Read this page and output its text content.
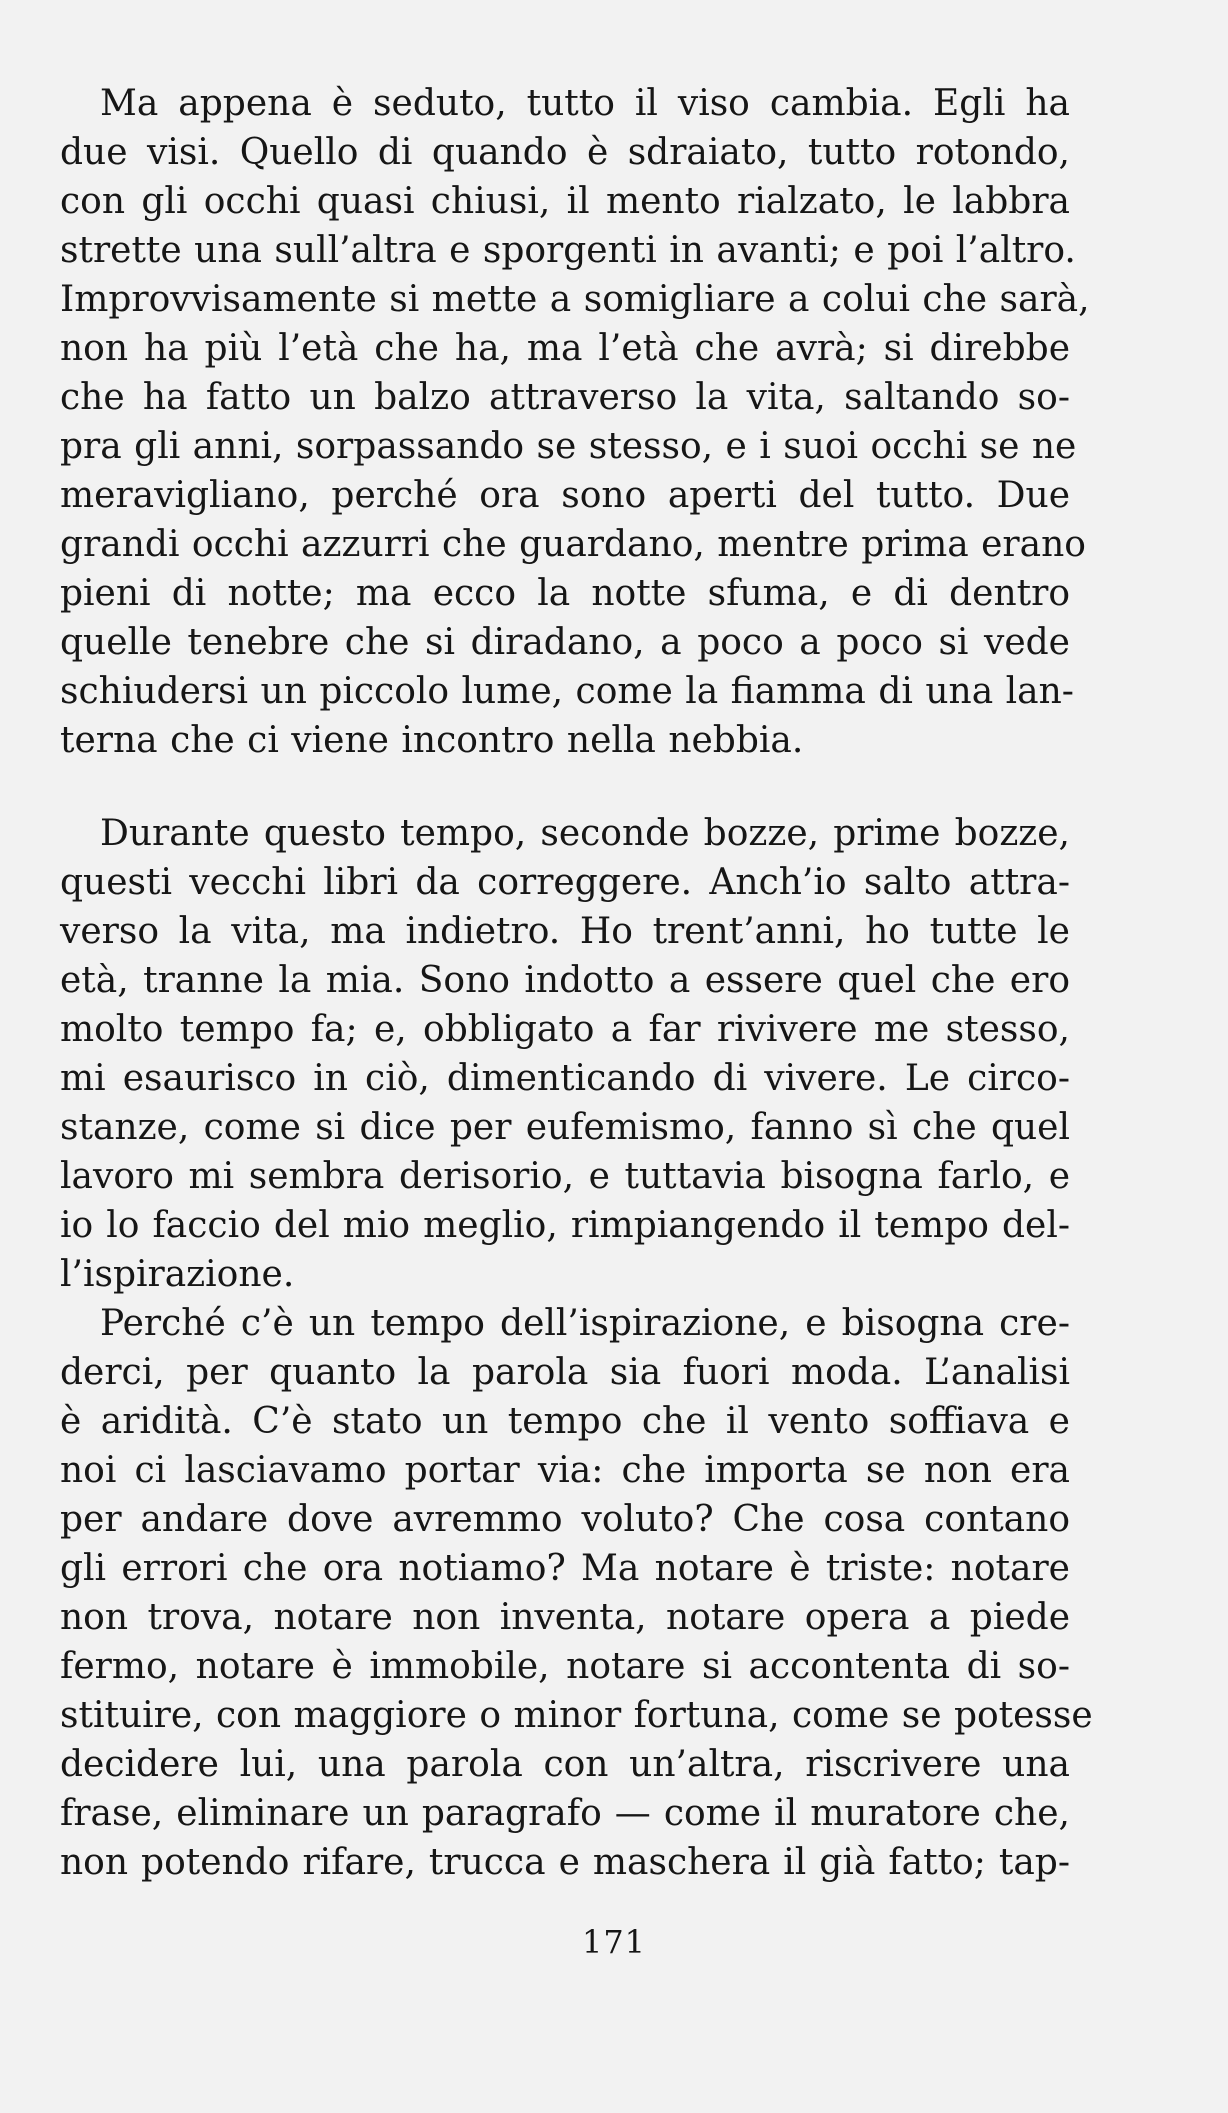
Ma appena è seduto, tutto il viso cambia. Egli ha
due visi. Quello di quando è sdraiato, tutto rotondo,
con gli occhi quasi chiusi, il mento rialzato, le labbra
strette una sull’altra e sporgenti in avanti; e poi l’altro.
Improvvisamente si mette a somigliare a colui che sarà,
non ha più l’età che ha, ma l’età che avrà; si direbbe
che ha fatto un balzo attraverso la vita, saltando so-
pra gli anni, sorpassando se stesso, e i suoi occhi se ne
meravigliano, perché ora sono aperti del tutto. Due
grandi occhi azzurri che guardano, mentre prima erano
pieni di notte; ma ecco la notte sfuma, e di dentro
quelle tenebre che si diradano, a poco a poco si vede
schiudersi un piccolo lume, come la fiamma di una lan-
terna che ci viene incontro nella nebbia.
Durante questo tempo, seconde bozze, prime bozze,
questi vecchi libri da correggere. Anch’io salto attra-
verso la vita, ma indietro. Ho trent’anni, ho tutte le
età, tranne la mia. Sono indotto a essere quel che ero
molto tempo fa; e, obbligato a far rivivere me stesso,
mi esaurisco in ciò, dimenticando di vivere. Le circo-
stanze, come si dice per eufemismo, fanno sì che quel
lavoro mi sembra derisorio, e tuttavia bisogna farlo, e
io lo faccio del mio meglio, rimpiangendo il tempo del-
l’ispirazione.
Perché c’è un tempo dell’ispirazione, e bisogna cre-
derci, per quanto la parola sia fuori moda. L’analisi
è aridità. C’è stato un tempo che il vento soffiava e
noi ci lasciavamo portar via: che importa se non era
per andare dove avremmo voluto? Che cosa contano
gli errori che ora notiamo? Ma notare è triste: notare
non trova, notare non inventa, notare opera a piede
fermo, notare è immobile, notare si accontenta di so-
stituire, con maggiore o minor fortuna, come se potesse
decidere lui, una parola con un’altra, riscrivere una
frase, eliminare un paragrafo — come il muratore che,
non potendo rifare, trucca e maschera il già fatto; tap-
171
